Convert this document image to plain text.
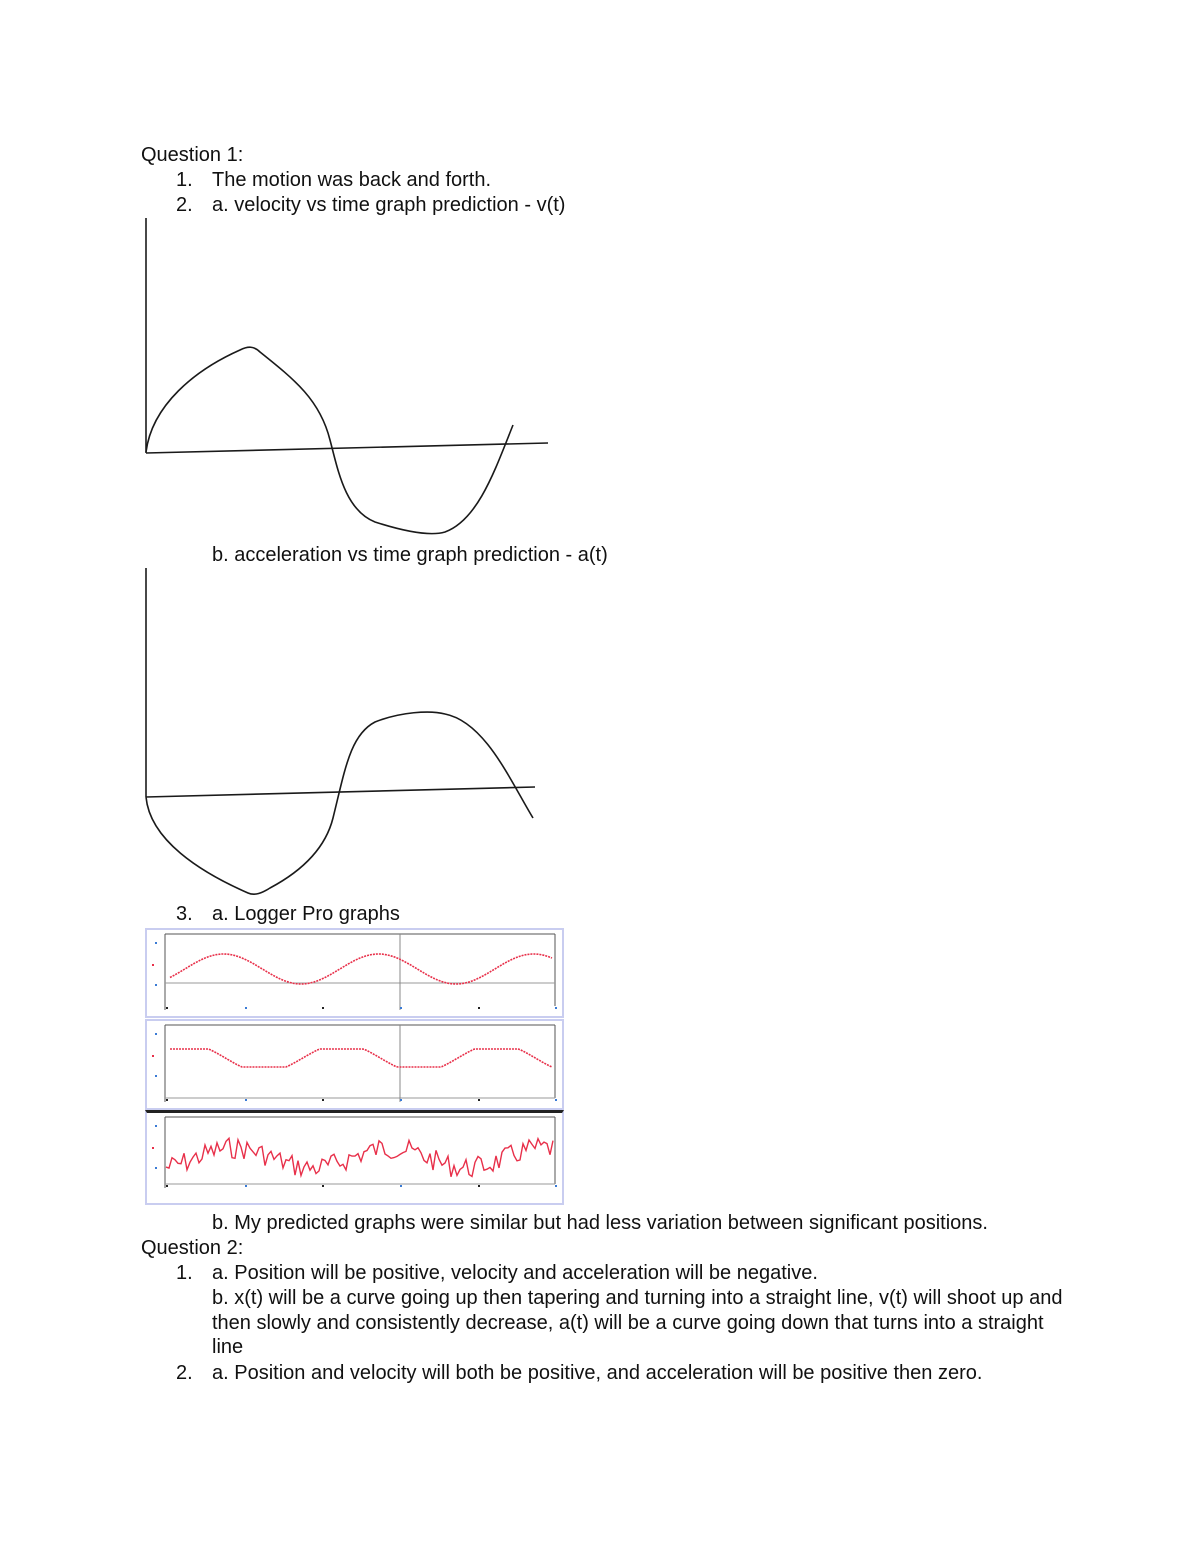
Question 1:
1. The motion was back and forth.
2. a. velocity vs time graph prediction - v(t)
b. acceleration vs time graph prediction - a(t)
3. a. Logger Pro graphs
b. My predicted graphs were similar but had less variation between significant positions.
Question 2:
1. a. Position will be positive, velocity and acceleration will be negative.
b. x(t) will be a curve going up then tapering and turning into a straight line, v(t) will shoot up and then slowly and consistently decrease, a(t) will be a curve going down that turns into a straight line
2. a. Position and velocity will both be positive, and acceleration will be positive then zero.
